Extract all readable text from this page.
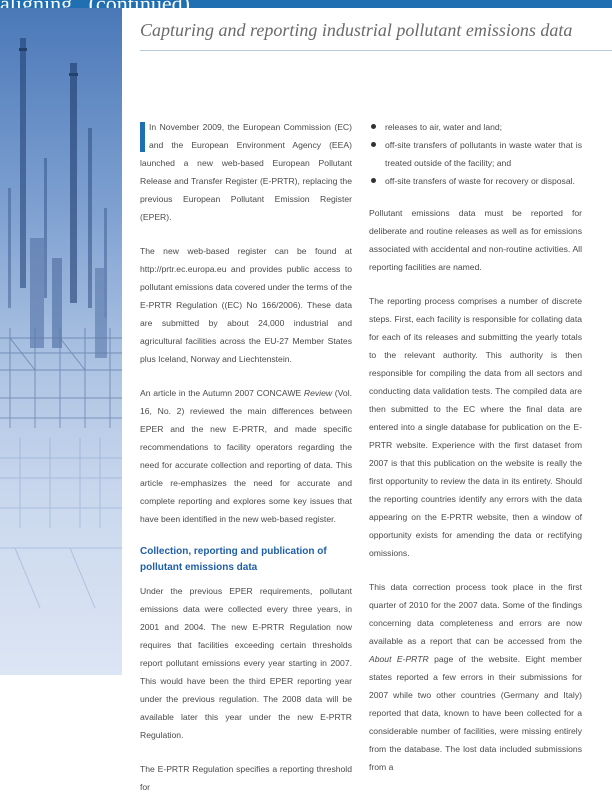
Capturing and reporting industrial pollutant emissions data

In November 2009, the European Commission (EC) and the European Environment Agency (EEA) launched a new web-based European Pollutant Release and Transfer Register (E-PRTR), replacing the previous European Pollutant Emission Register (EPER).

The new web-based register can be found at http://prtr.ec.europa.eu and provides public access to pollutant emissions data covered under the terms of the E-PRTR Regulation ((EC) No 166/2006). These data are submitted by about 24,000 industrial and agricultural facilities across the EU-27 Member States plus Iceland, Norway and Liechtenstein.

An article in the Autumn 2007 CONCAWE Review (Vol. 16, No. 2) reviewed the main differences between EPER and the new E-PRTR, and made specific recommendations to facility operators regarding the need for accurate collection and reporting of data. This article re-emphasizes the need for accurate and complete reporting and explores some key issues that have been identified in the new web-based register.

Collection, reporting and publication of pollutant emissions data

Under the previous EPER requirements, pollutant emissions data were collected every three years, in 2001 and 2004. The new E-PRTR Regulation now requires that facilities exceeding certain thresholds report pollutant emissions every year starting in 2007. This would have been the third EPER reporting year under the previous regulation. The 2008 data will be available later this year under the new E-PRTR Regulation.

The E-PRTR Regulation specifies a reporting threshold for

releases to air, water and land;
off-site transfers of pollutants in waste water that is treated outside of the facility; and
off-site transfers of waste for recovery or disposal.

Pollutant emissions data must be reported for deliberate and routine releases as well as for emissions associated with accidental and non-routine activities. All reporting facilities are named.

The reporting process comprises a number of discrete steps. First, each facility is responsible for collating data for each of its releases and submitting the yearly totals to the relevant authority. This authority is then responsible for compiling the data from all sectors and conducting data validation tests. The compiled data are then submitted to the EC where the final data are entered into a single database for publication on the E-PRTR website. Experience with the first dataset from 2007 is that this publication on the website is really the first opportunity to review the data in its entirety. Should the reporting countries identify any errors with the data appearing on the E-PRTR website, then a window of opportunity exists for amending the data or rectifying omissions.

This data correction process took place in the first quarter of 2010 for the 2007 data. Some of the findings concerning data completeness and errors are now available as a report that can be accessed from the About E-PRTR page of the website. Eight member states reported a few errors in their submissions for 2007 while two other countries (Germany and Italy) reported that data, known to have been collected for a considerable number of facilities, were missing entirely from the database. The lost data included submissions from a
